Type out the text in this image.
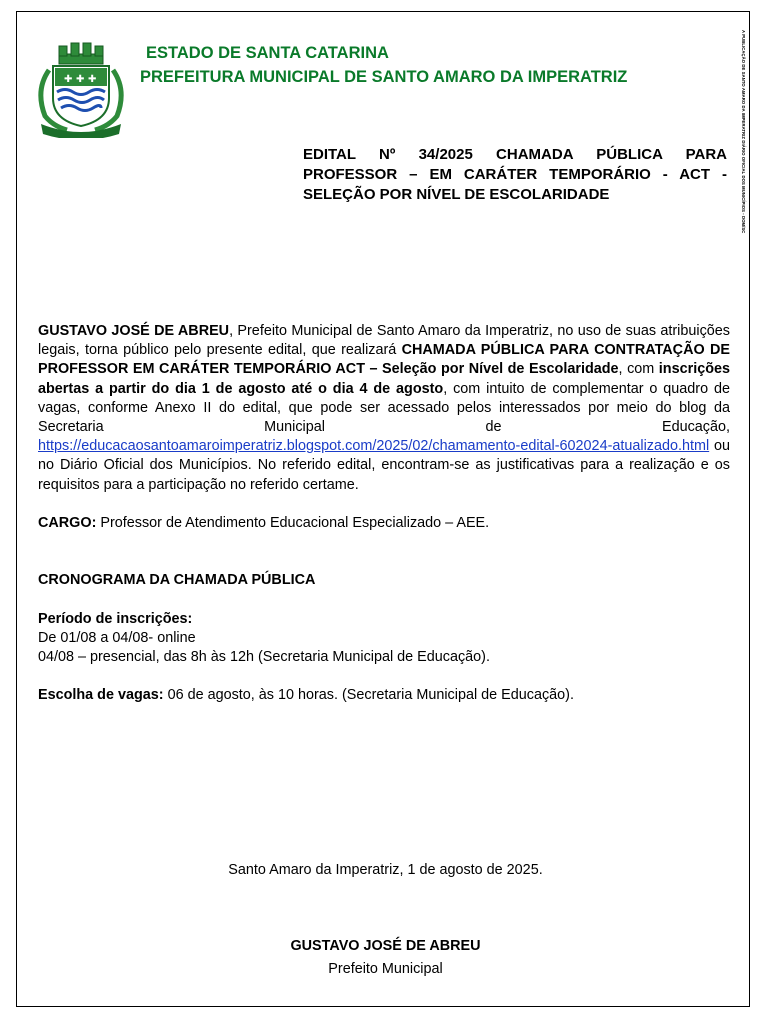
✚ ✚ ✚
ESTADO DE SANTA CATARINA
PREFEITURA MUNICIPAL DE SANTO AMARO DA IMPERATRIZ	A PUBLICAÇÃO DE SANTO AMARO DA IMPERATRIZ DIÁRIO OFICIAL DOS MUNICÍPIOS - DOM/SC
EDITAL Nº 34/2025 CHAMADA PÚBLICA PARA PROFESSOR – EM CARÁTER TEMPORÁRIO - ACT - SELEÇÃO POR NÍVEL DE ESCOLARIDADE

GUSTAVO JOSÉ DE ABREU, Prefeito Municipal de Santo Amaro da Imperatriz, no uso de suas atribuições legais, torna público pelo presente edital, que realizará CHAMADA PÚBLICA PARA CONTRATAÇÃO DE PROFESSOR EM CARÁTER TEMPORÁRIO ACT – Seleção por Nível de Escolaridade, com inscrições abertas a partir do dia 1 de agosto até o dia 4 de agosto, com intuito de complementar o quadro de vagas, conforme Anexo II do edital, que pode ser acessado pelos interessados por meio do blog da Secretaria Municipal de Educação, https://educacaosantoamaroimperatriz.blogspot.com/2025/02/chamamento-edital-602024-atualizado.html ou no Diário Oficial dos Municípios. No referido edital, encontram-se as justificativas para a realização e os requisitos para a participação no referido certame.

CARGO: Professor de Atendimento Educacional Especializado – AEE.

CRONOGRAMA DA CHAMADA PÚBLICA
Período de inscrições:
De 01/08 a 04/08- online
04/08 – presencial, das 8h às 12h (Secretaria Municipal de Educação).

Escolha de vagas: 06 de agosto, às 10 horas. (Secretaria Municipal de Educação).

Santo Amaro da Imperatriz, 1 de agosto de 2025.
GUSTAVO JOSÉ DE ABREU
Prefeito Municipal
